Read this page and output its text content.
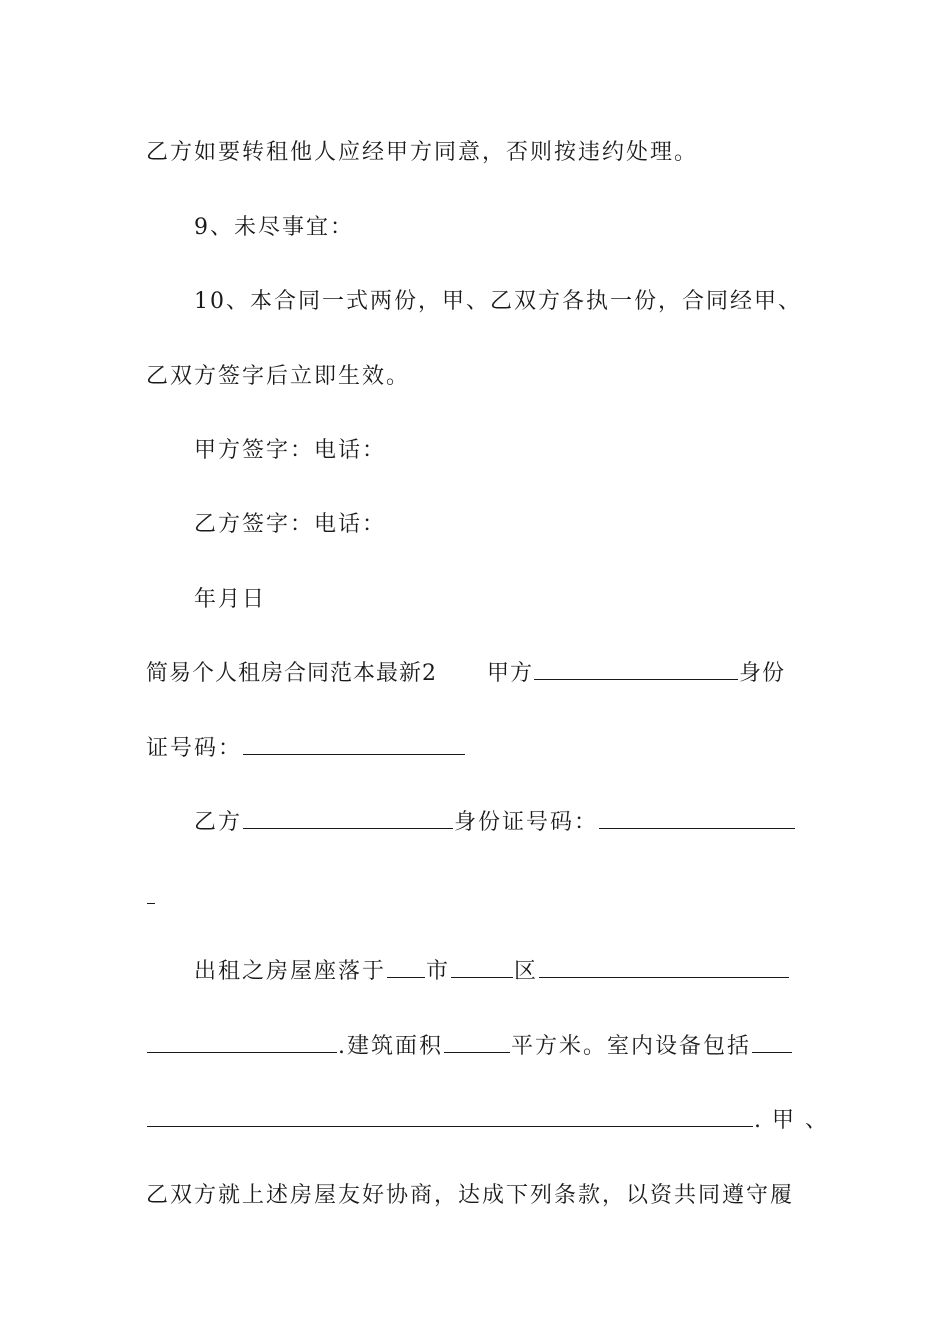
乙方如要转租他人应经甲方同意，否则按违约处理。
9、未尽事宜：
10、本合同一式两份，甲、乙双方各执一份，合同经甲、
乙双方签字后立即生效。
甲方签字：电话：
乙方签字：电话：
年月日
简易个人租房合同范本最新2 甲方	身份
证号码：
乙方	身份证号码：
出租之房屋座落于 市	区
.建筑面积	平方米。室内设备包括
. 甲 、
乙双方就上述房屋友好协商，达成下列条款，以资共同遵守履
